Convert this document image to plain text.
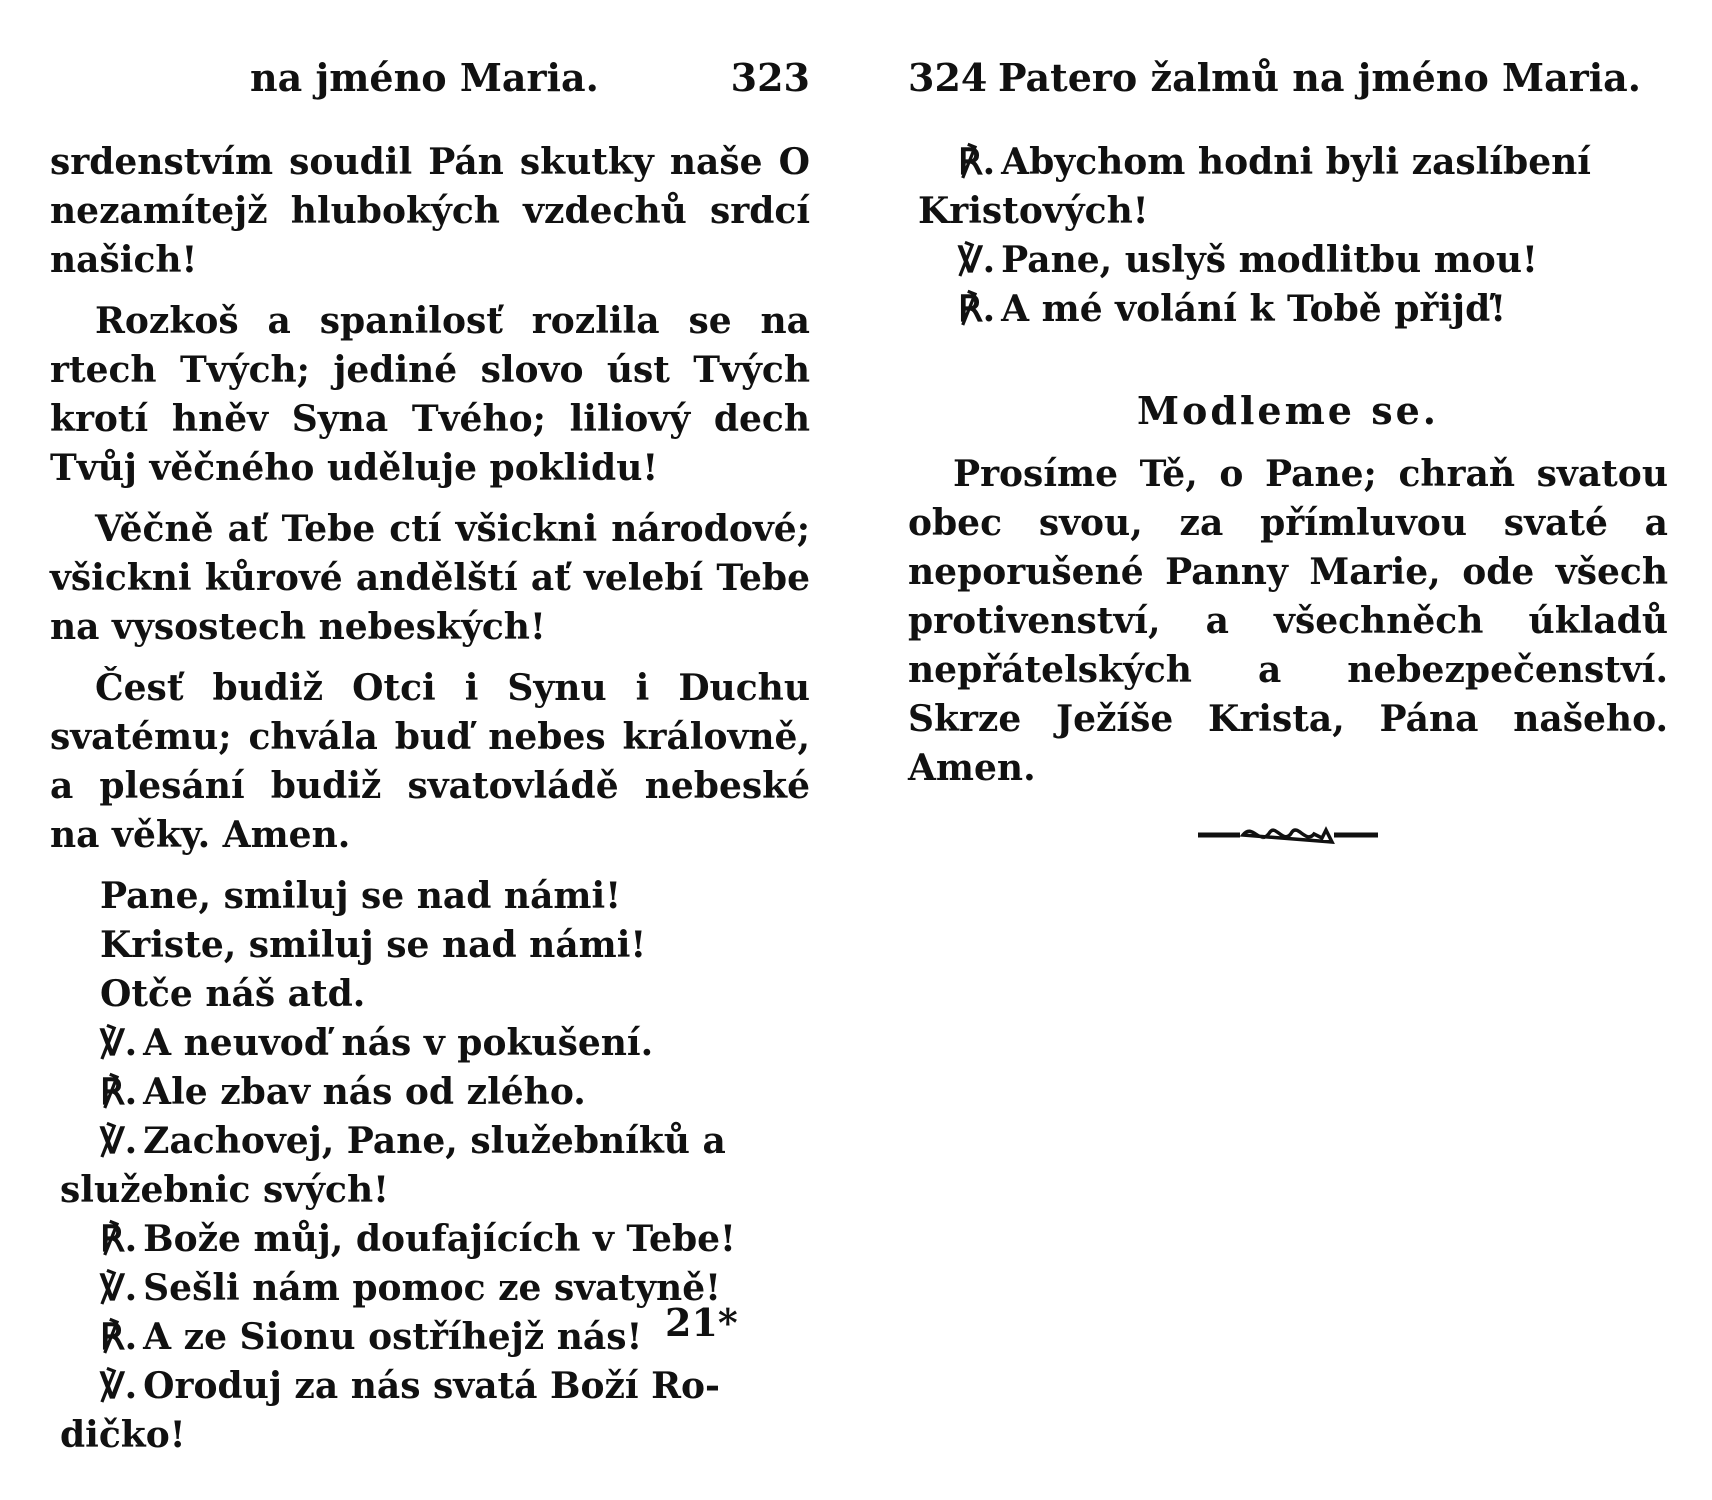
na jméno Maria.	323

srdenstvím soudil Pán skutky naše O nezamítejž hlubokých vzdechů srdcí našich!

Rozkoš a spanilosť rozlila se na rtech Tvých; jediné slovo úst Tvých krotí hněv Syna Tvého; liliový dech Tvůj věčného uděluje poklidu!

Věčně ať Tebe ctí všickni národové; všickni kůrové andělští ať velebí Tebe na vysostech nebeských!

Česť budiž Otci i Synu i Duchu svatému; chvála buď nebes královně, a plesání budiž svatovládě nebeské na věky. Amen.

Pane, smiluj se nad námi!
Kriste, smiluj se nad námi!
Otče náš atd.
℣. A neuvoď nás v pokušení.
℟. Ale zbav nás od zlého.
℣. Zachovej, Pane, služebníků a
služebnic svých!
℟. Bože můj, doufajících v Tebe!
℣. Sešli nám pomoc ze svatyně!
℟. A ze Sionu ostříhejž nás!
℣. Oroduj za nás svatá Boží Ro-
dičko!
21*
324 Patero žalmů na jméno Maria.
℟. Abychom hodni byli zaslíbení
Kristových!
℣. Pane, uslyš modlitbu mou!
℟. A mé volání k Tobě přijď!
Modleme se.

Prosíme Tě, o Pane; chraň svatou obec svou, za přímluvou svaté a neporušené Panny Marie, ode všech protivenství, a všechněch úkladů nepřátelských a nebezpečenství. Skrze Ježíše Krista, Pána našeho. Amen.
